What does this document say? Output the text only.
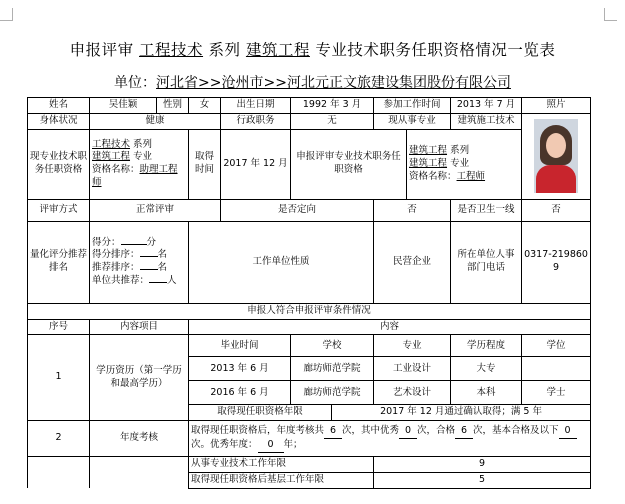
申报评审 工程技术 系列 建筑工程 专业技术职务任职资格情况一览表
单位：河北省>>沧州市>>河北元正文旅建设集团股份有限公司
姓名	吴佳颖	性别	女	出生日期	1992 年 3 月		参加工作时间		2013 年 7 月	照片
身体状况	健康			行政职务	无		现从事专业		建筑施工技术	

现专业技术职务任职资格	工程技术 系列
建筑工程 专业
资格名称：助理工程师		取得时间	2017 年 12 月	申报评审专业技术职务任职资格			建筑工程 系列
建筑工程 专业
资格名称：工程师		
评审方式	正常评审			是否定向			否		是否卫生一线	否
量化评分推荐排名	得分： 分
得分排序： 名
推荐排序： 名
单位共推荐： 人		工作单位性质				民营企业		所在单位人事部门电话	0317-2198609
申报人符合申报评审条件情况										
序号	内容项目		内容							
1	学历资历（第一学历和最高学历）		毕业时间		学校		专业		学历程度	学位
			2013 年 6 月		廊坊师范学院		工业设计		大专	
			2016 年 6 月		廊坊师范学院		艺术设计		本科	学士
			取得现任职资格年限			2017 年 12 月通过确认取得；满 5 年				
2	年度考核		取得现任职资格后，年度考核共 6 次，其中优秀 0 次，合格 6 次，基本合格及以下 0次。优秀年度： 0 年；							
			从事专业技术工作年限				9			
			取得现任职资格后基层工作年限				5			
